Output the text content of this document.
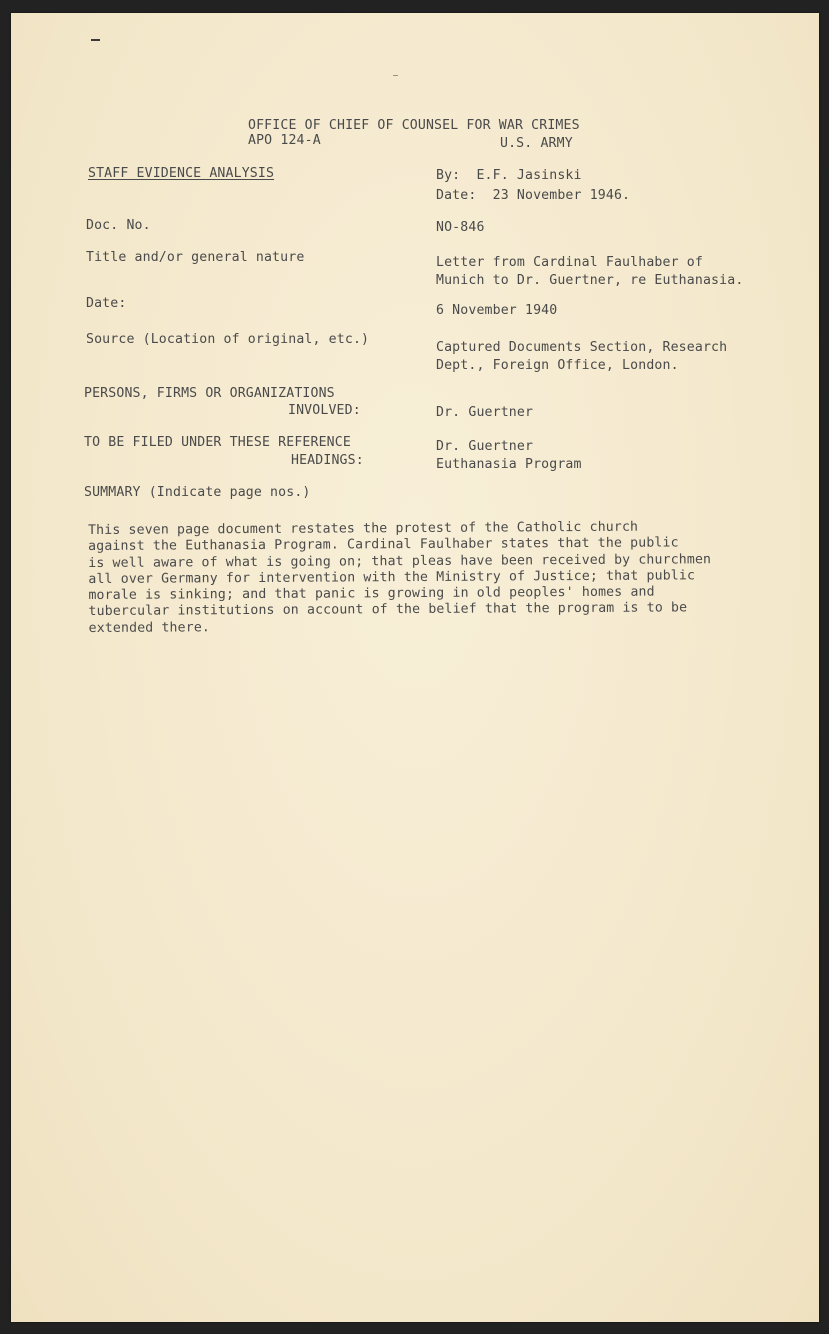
OFFICE OF CHIEF OF COUNSEL FOR WAR CRIMES
APO 124-A	U.S. ARMY
STAFF EVIDENCE ANALYSIS	By:  E.F. Jasinski
Date:  23 November 1946.
Doc. No.	NO-846
Title and/or general nature	Letter from Cardinal Faulhaber of
Munich to Dr. Guertner, re Euthanasia.
Date:	6 November 1940
Source (Location of original, etc.)
Captured Documents Section, Research
Dept., Foreign Office, London.
PERSONS, FIRMS OR ORGANIZATIONS
INVOLVED:	Dr. Guertner
TO BE FILED UNDER THESE REFERENCE
HEADINGS:
Dr. Guertner
Euthanasia Program
SUMMARY (Indicate page nos.)
This seven page document restates the protest of the Catholic church
against the Euthanasia Program. Cardinal Faulhaber states that the public
is well aware of what is going on; that pleas have been received by churchmen
all over Germany for intervention with the Ministry of Justice; that public
morale is sinking; and that panic is growing in old peoples' homes and
tubercular institutions on account of the belief that the program is to be
extended there.
